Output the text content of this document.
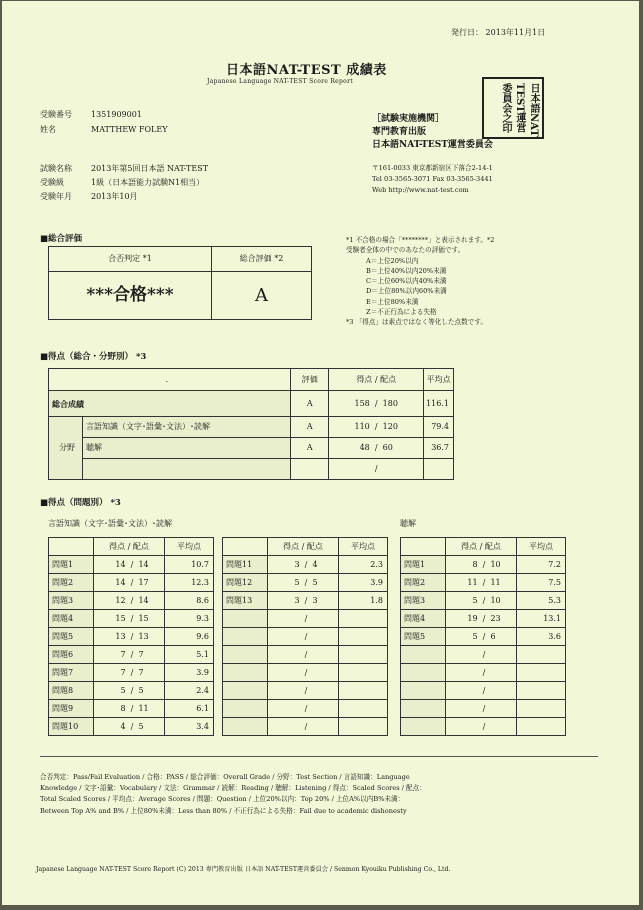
発行日： 2013年11月1日
日本語NAT-TEST 成績表
Japanese Language NAT-TEST Score Report
日本語NAT
TEST運営
委員会之印
受験番号 1351909001
姓名	MATTHEW FOLEY
試験名称 2013年第5回日本語 NAT-TEST
受験級	1級（日本語能力試験N1相当）
受験年月 2013年10月
［試験実施機関］
専門教育出版
日本語NAT-TEST運営委員会
〒161-0033 東京都新宿区下落合2-14-1
Tel 03-3565-3071 Fax 03-3565-3441
Web http://www.nat-test.com
■総合評価
合否判定 *1	総合評価 *2
***合格***	A
*1 不合格の場合「********」と表示されます。*2
受験者全体の中でのあなたの評価です。
A＝上位20%以内
B＝上位40%以内20%未満
C＝上位60%以内40%未満
D＝上位80%以内60%未満
E＝上位80%未満
Z＝不正行為による失格
*3 「得点」は素点ではなく等化した点数です。
■得点（総合・分野別） *3
．		評価	得点 / 配点	平均点
総合成績		A	158  /  180	116.1
分野	言語知識（文字･語彙･文法）･読解	A	110  /  120	79.4
	聴解	A	48  /  60	36.7
			/	
■得点（問題別） *3
言語知識（文字･語彙･文法）･読解	聴解
	得点 / 配点	平均点
問題1	14 / 14	10.7
問題2	14 / 17	12.3
問題3	12 / 14	8.6
問題4	15 / 15	9.3
問題5	13 / 13	9.6
問題6	7 / 7	5.1
問題7	7 / 7	3.9
問題8	5 / 5	2.4
問題9	8 / 11	6.1
問題10	4 / 5	3.4
	得点 / 配点	平均点
問題11	3 / 4	2.3
問題12	5 / 5	3.9
問題13	3 / 3	1.8
	/	
	/	
	/	
	/	
	/	
	/	
	/	
	得点 / 配点	平均点
問題1	8 / 10	7.2
問題2	11 / 11	7.5
問題3	5 / 10	5.3
問題4	19 / 23	13.1
問題5	5 / 6	3.6
	/	
	/	
	/	
	/	
	/	
合否判定：Pass/Fail Evaluation / 合格：PASS / 総合評価：Overall Grade / 分野：Test Section / 言語知識：Language
Knowledge / 文字･語彙：Vocabulary / 文法：Grammar / 読解：Reading / 聴解：Listening / 得点：Scaled Scores / 配点：
Total Scaled Scores / 平均点：Average Scores / 問題：Question / 上位20%以内：Top 20% / 上位A%以内B%未満：
Between Top A% and B% / 上位80%未満：Less than 80% / 不正行為による失格：Fail due to academic dishonesty
Japanese Language NAT-TEST Score Report (C) 2013 専門教育出版 日本語 NAT-TEST運営委員会 / Senmon Kyouiku Publishing Co., Ltd.
